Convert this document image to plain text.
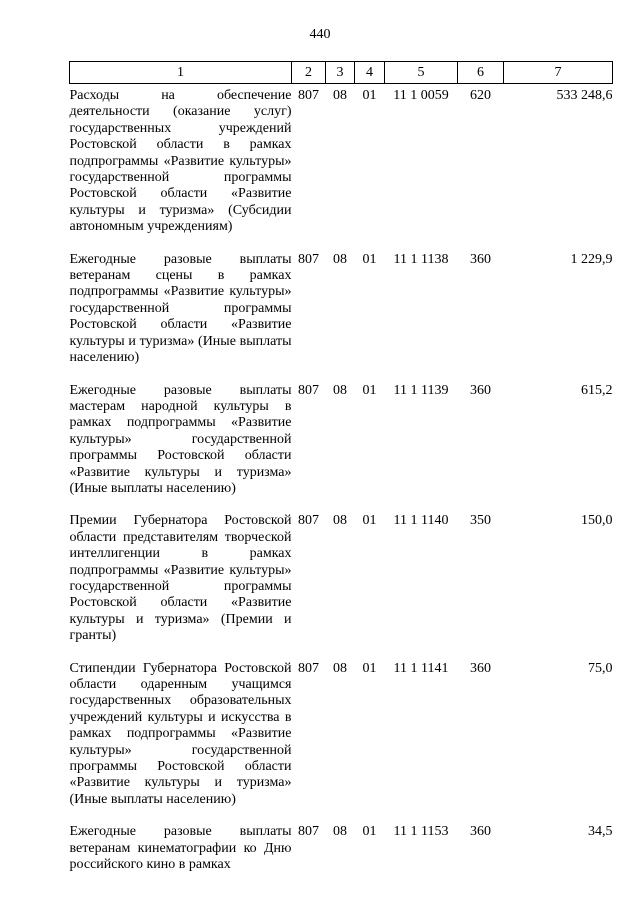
440
1	2	3	4	5	6	7
Расходы на обеспечение деятельности (оказание услуг) государственных учреждений Ростовской области в рамках подпрограммы «Развитие культуры» государственной программы Ростовской области «Развитие культуры и туризма» (Субсидии автономным учреждениям)	807	08	01	11 1 0059	620	533 248,6
Ежегодные разовые выплаты ветеранам сцены в рамках подпрограммы «Развитие культуры» государственной программы Ростовской области «Развитие культуры и туризма» (Иные выплаты населению)	807	08	01	11 1 1138	360	1 229,9
Ежегодные разовые выплаты мастерам народной культуры в рамках подпрограммы «Развитие культуры» государственной программы Ростовской области «Развитие культуры и туризма» (Иные выплаты населению)	807	08	01	11 1 1139	360	615,2
Премии Губернатора Ростовской области представителям творческой интеллигенции в рамках подпрограммы «Развитие культуры» государственной программы Ростовской области «Развитие культуры и туризма» (Премии и гранты)	807	08	01	11 1 1140	350	150,0
Стипендии Губернатора Ростовской области одаренным учащимся государственных образовательных учреждений культуры и искусства в рамках подпрограммы «Развитие культуры» государственной программы Ростовской области «Развитие культуры и туризма» (Иные выплаты населению)	807	08	01	11 1 1141	360	75,0
Ежегодные разовые выплаты ветеранам кинематографии ко Дню российского кино в рамках	807	08	01	11 1 1153	360	34,5
